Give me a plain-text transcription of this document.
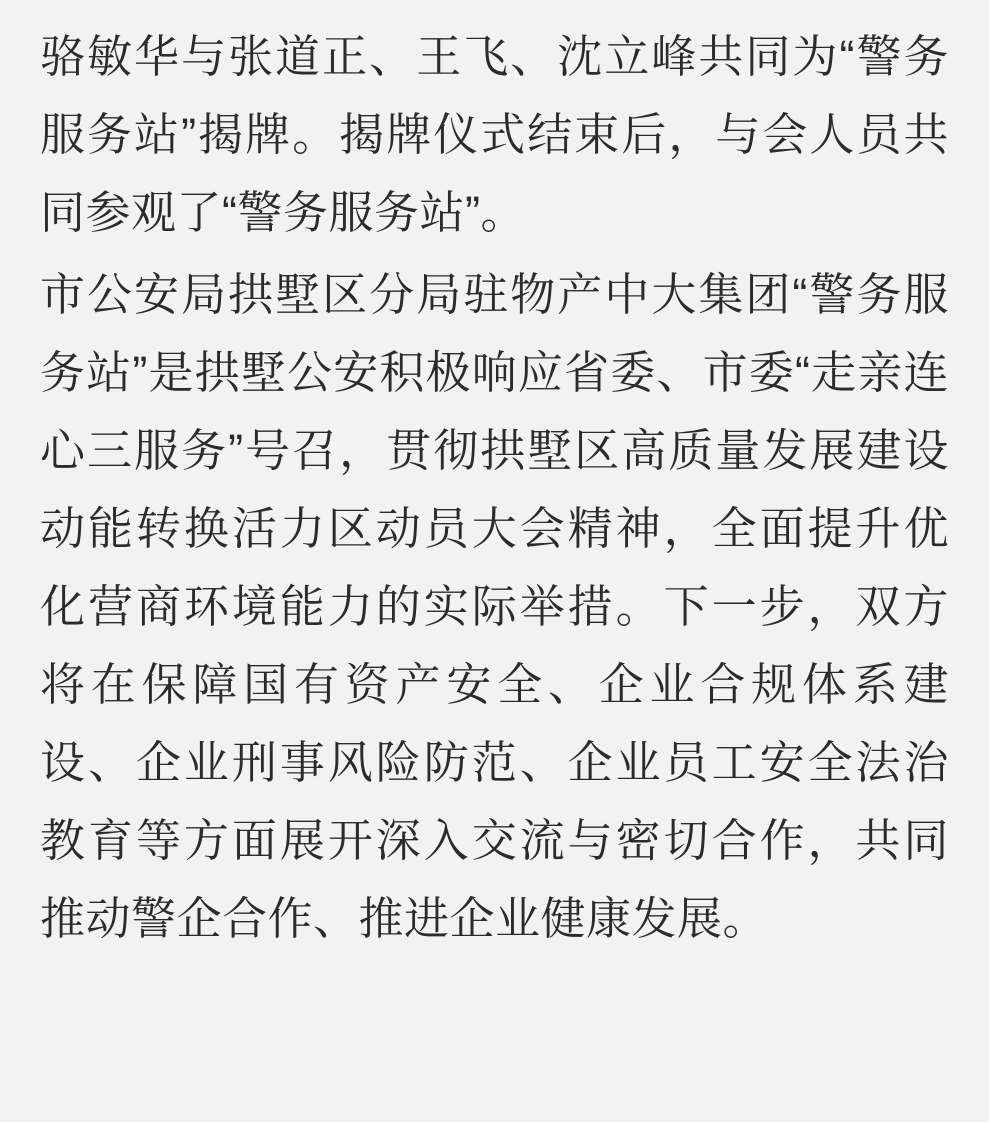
骆敏华与张道正、王飞、沈立峰共同为“警务服务站”揭牌。揭牌仪式结束后，与会人员共同参观了“警务服务站”。

市公安局拱墅区分局驻物产中大集团“警务服务站”是拱墅公安积极响应省委、市委“走亲连心三服务”号召，贯彻拱墅区高质量发展建设动能转换活力区动员大会精神，全面提升优化营商环境能力的实际举措。下一步，双方将在保障国有资产安全、企业合规体系建设、企业刑事风险防范、企业员工安全法治教育等方面展开深入交流与密切合作，共同推动警企合作、推进企业健康发展。
